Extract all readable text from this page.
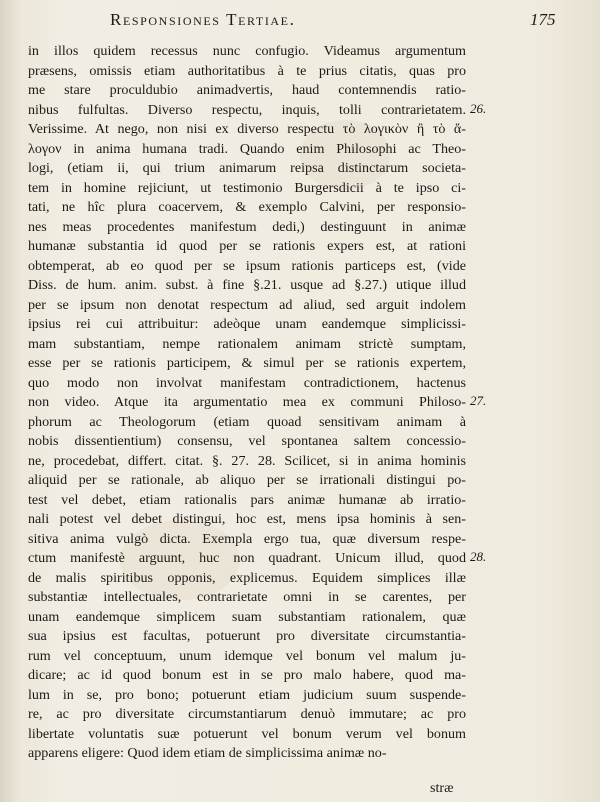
Responsiones Tertiae.	175
in illos quidem recessus nunc confugio. Videamus argumentum
præsens, omissis etiam authoritatibus à te prius citatis, quas pro
me stare proculdubio animadvertis, haud contemnendis ratio-
nibus fulfultas. Diverso respectu, inquis, tolli contrarietatem.
Verissime. At nego, non nisi ex diverso respectu τὸ λογικὸν ἢ τὸ ἄ-
λογον in anima humana tradi. Quando enim Philosophi ac Theo-
logi, (etiam ii, qui trium animarum reipsa distinctarum societa-
tem in homine rejiciunt, ut testimonio Burgersdicii à te ipso ci-
tati, ne hîc plura coacervem, & exemplo Calvini, per responsio-
nes meas procedentes manifestum dedi,) destinguunt in animæ
humanæ substantia id quod per se rationis expers est, at rationi
obtemperat, ab eo quod per se ipsum rationis particeps est, (vide
Diss. de hum. anim. subst. à fine §.21. usque ad §.27.) utique illud
per se ipsum non denotat respectum ad aliud, sed arguit indolem
ipsius rei cui attribuitur: adeòque unam eandemque simplicissi-
mam substantiam, nempe rationalem animam strictè sumptam,
esse per se rationis participem, & simul per se rationis expertem,
quo modo non involvat manifestam contradictionem, hactenus
non video. Atque ita argumentatio mea ex communi Philoso-
phorum ac Theologorum (etiam quoad sensitivam animam à
nobis dissentientium) consensu, vel spontanea saltem concessio-
ne, procedebat, differt. citat. §. 27. 28. Scilicet, si in anima hominis
aliquid per se rationale, ab aliquo per se irrationali distingui po-
test vel debet, etiam rationalis pars animæ humanæ ab irratio-
nali potest vel debet distingui, hoc est, mens ipsa hominis à sen-
sitiva anima vulgò dicta. Exempla ergo tua, quæ diversum respe-
ctum manifestè arguunt, huc non quadrant. Unicum illud, quod
de malis spiritibus opponis, explicemus. Equidem simplices illæ
substantiæ intellectuales, contrarietate omni in se carentes, per
unam eandemque simplicem suam substantiam rationalem, quæ
sua ipsius est facultas, potuerunt pro diversitate circumstantia-
rum vel conceptuum, unum idemque vel bonum vel malum ju-
dicare; ac id quod bonum est in se pro malo habere, quod ma-
lum in se, pro bono; potuerunt etiam judicium suum suspende-
re, ac pro diversitate circumstantiarum denuò immutare; ac pro
libertate voluntatis suæ potuerunt vel bonum verum vel bonum
apparens eligere: Quod idem etiam de simplicissima animæ no-
26.
27.
28.
stræ
